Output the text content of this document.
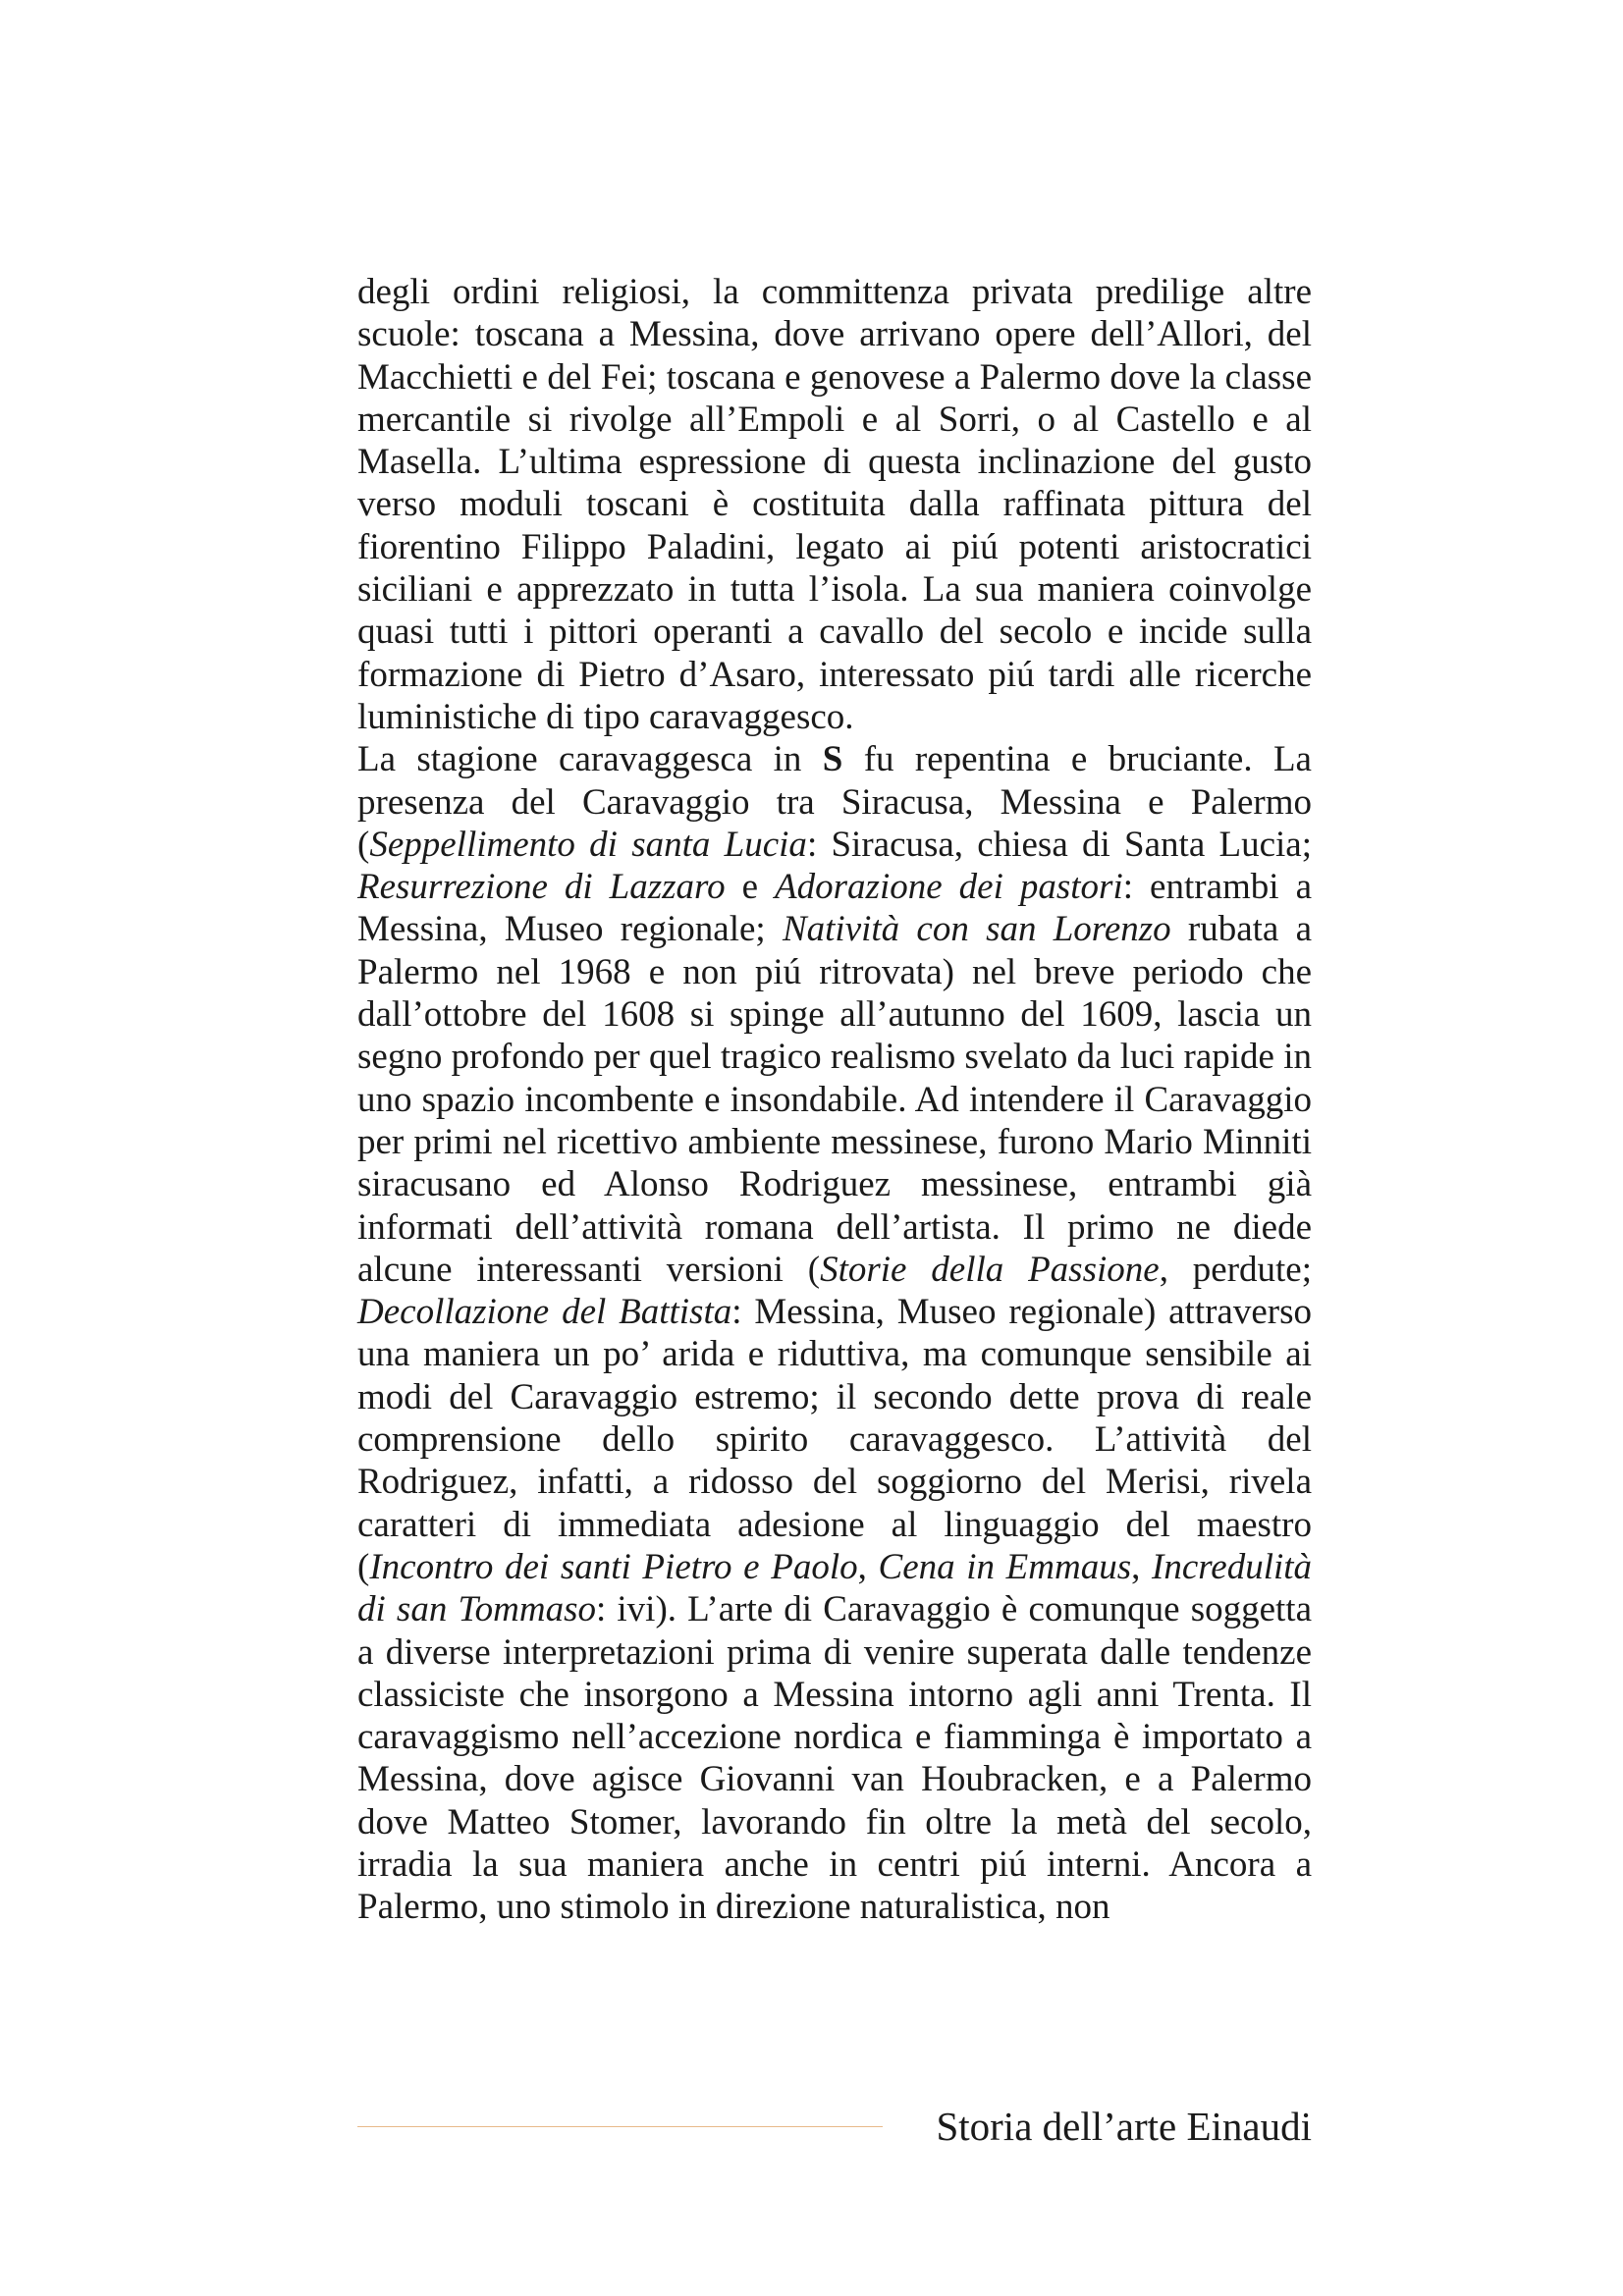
degli ordini religiosi, la committenza privata predilige altre scuole: toscana a Messina, dove arrivano opere dell’Allori, del Macchietti e del Fei; toscana e genovese a Palermo dove la classe mercantile si rivolge all’Empoli e al Sorri, o al Castello e al Masella. L’ultima espressione di questa inclinazione del gusto verso moduli toscani è costituita dalla raffinata pittura del fiorentino Filippo Paladini, legato ai piú potenti aristocratici siciliani e apprezzato in tutta l’isola. La sua maniera coinvolge quasi tutti i pittori operanti a cavallo del secolo e incide sulla formazione di Pietro d’Asaro, interessato piú tardi alle ricerche luministiche di tipo caravaggesco.

La stagione caravaggesca in S fu repentina e bruciante. La presenza del Caravaggio tra Siracusa, Messina e Palermo (Seppellimento di santa Lucia: Siracusa, chiesa di Santa Lucia; Resurrezione di Lazzaro e Adorazione dei pastori: entrambi a Messina, Museo regionale; Natività con san Lorenzo rubata a Palermo nel 1968 e non piú ritrovata) nel breve periodo che dall’ottobre del 1608 si spinge all’autunno del 1609, lascia un segno profondo per quel tragico realismo svelato da luci rapide in uno spazio incombente e insondabile. Ad intendere il Caravaggio per primi nel ricettivo ambiente messinese, furono Mario Minniti siracusano ed Alonso Rodriguez messinese, entrambi già informati dell’attività romana dell’artista. Il primo ne diede alcune interessanti versioni (Storie della Passione, perdute; Decollazione del Battista: Messina, Museo regionale) attraverso una maniera un po’ arida e riduttiva, ma comunque sensibile ai modi del Caravaggio estremo; il secondo dette prova di reale comprensione dello spirito caravaggesco. L’attività del Rodriguez, infatti, a ridosso del soggiorno del Merisi, rivela caratteri di immediata adesione al linguaggio del maestro (Incontro dei santi Pietro e Paolo, Cena in Emmaus, Incredulità di san Tommaso: ivi). L’arte di Caravaggio è comunque soggetta a diverse interpretazioni prima di venire superata dalle tendenze classiciste che insorgono a Messina intorno agli anni Trenta. Il caravaggismo nell’accezione nordica e fiamminga è importato a Messina, dove agisce Giovanni van Houbracken, e a Palermo dove Matteo Stomer, lavorando fin oltre la metà del secolo, irradia la sua maniera anche in centri piú interni. Ancora a Palermo, uno stimolo in direzione naturalistica, non

Storia dell’arte Einaudi
